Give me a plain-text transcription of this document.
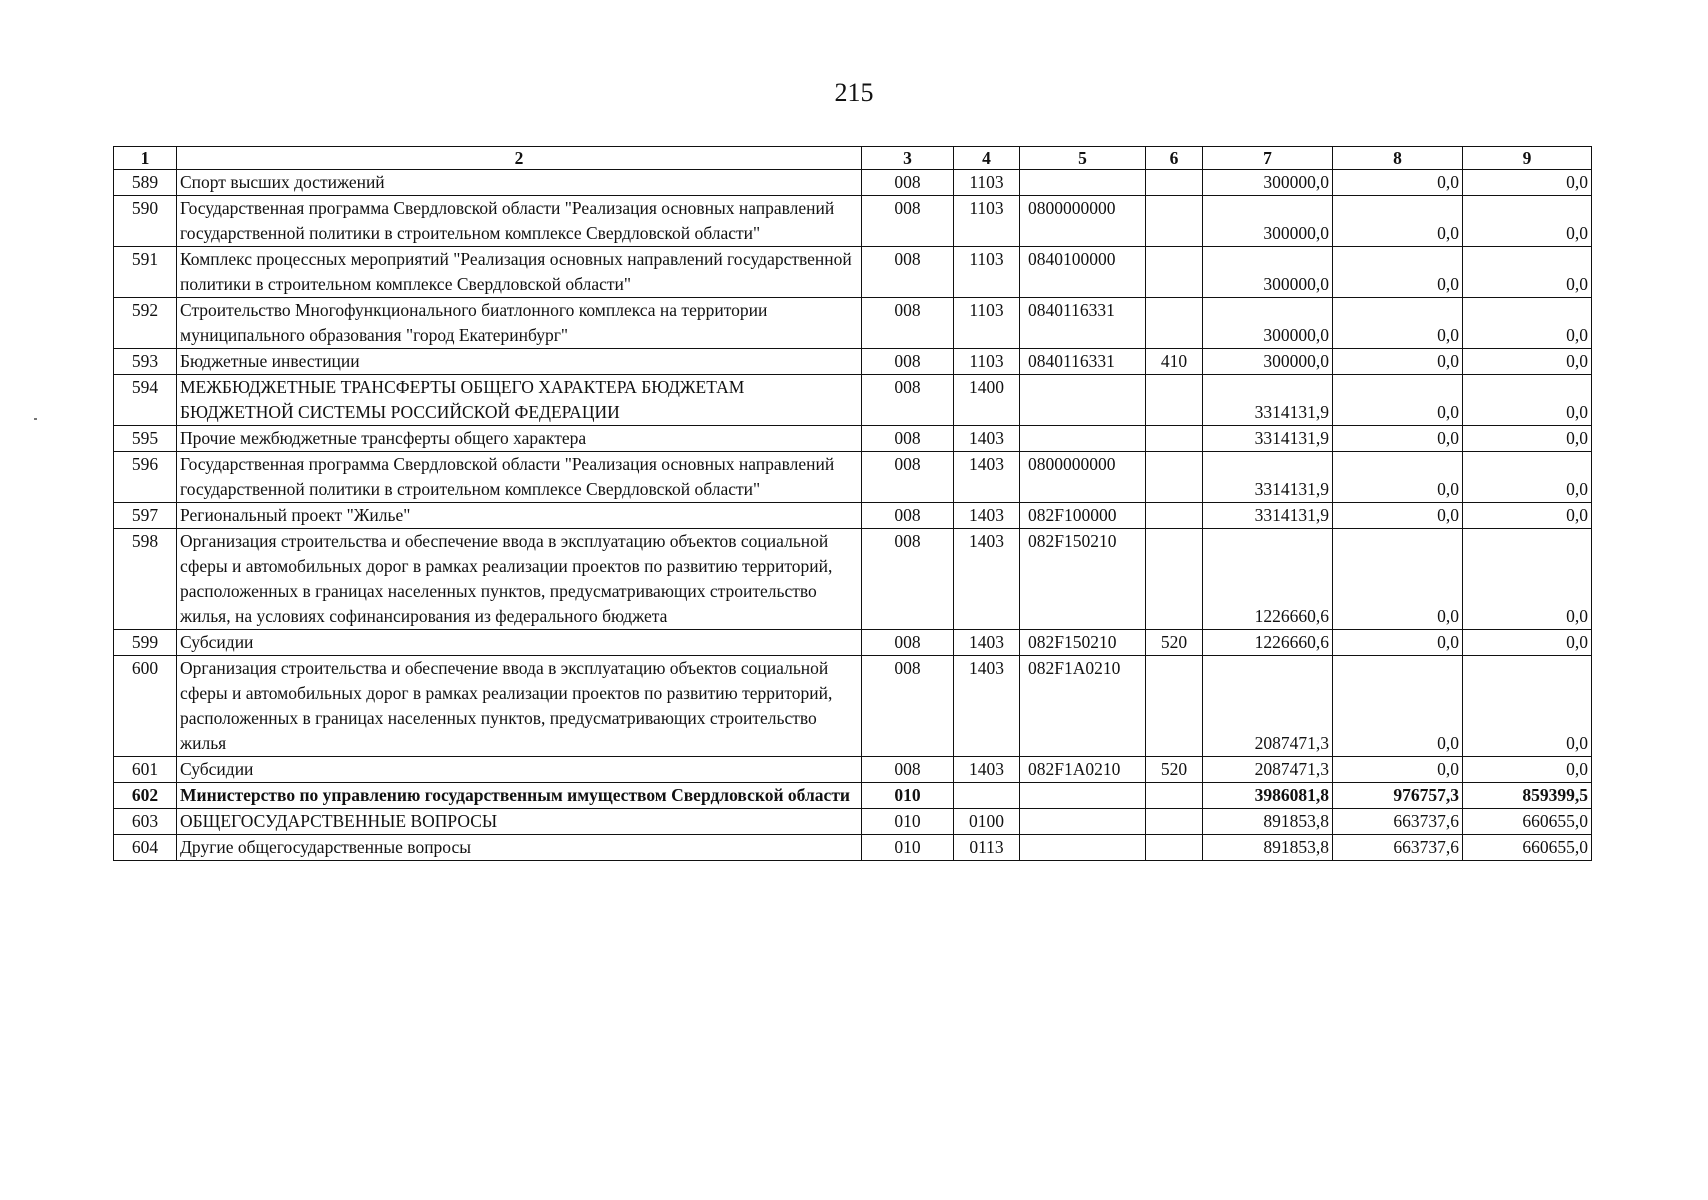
215
1	2	3	4	5	6	7	8	9
589	Спорт высших достижений	008	1103			300000,0	0,0	0,0
590	Государственная программа Свердловской области "Реализация основных направлений государственной политики в строительном комплексе Свердловской области"	008	1103	0800000000		300000,0	0,0	0,0
591	Комплекс процессных мероприятий "Реализация основных направлений государственной политики в строительном комплексе Свердловской области"	008	1103	0840100000		300000,0	0,0	0,0
592	Строительство Многофункционального биатлонного комплекса на территории муниципального образования "город Екатеринбург"	008	1103	0840116331		300000,0	0,0	0,0
593	Бюджетные инвестиции	008	1103	0840116331	410	300000,0	0,0	0,0
594	МЕЖБЮДЖЕТНЫЕ ТРАНСФЕРТЫ ОБЩЕГО ХАРАКТЕРА БЮДЖЕТАМ БЮДЖЕТНОЙ СИСТЕМЫ РОССИЙСКОЙ ФЕДЕРАЦИИ	008	1400			3314131,9	0,0	0,0
595	Прочие межбюджетные трансферты общего характера	008	1403			3314131,9	0,0	0,0
596	Государственная программа Свердловской области "Реализация основных направлений государственной политики в строительном комплексе Свердловской области"	008	1403	0800000000		3314131,9	0,0	0,0
597	Региональный проект "Жилье"	008	1403	082F100000		3314131,9	0,0	0,0
598	Организация строительства и обеспечение ввода в эксплуатацию объектов социальной сферы и автомобильных дорог в рамках реализации проектов по развитию территорий, расположенных в границах населенных пунктов, предусматривающих строительство жилья, на условиях софинансирования из федерального бюджета	008	1403	082F150210		1226660,6	0,0	0,0
599	Субсидии	008	1403	082F150210	520	1226660,6	0,0	0,0
600	Организация строительства и обеспечение ввода в эксплуатацию объектов социальной сферы и автомобильных дорог в рамках реализации проектов по развитию территорий, расположенных в границах населенных пунктов, предусматривающих строительство жилья	008	1403	082F1A0210		2087471,3	0,0	0,0
601	Субсидии	008	1403	082F1A0210	520	2087471,3	0,0	0,0
602	Министерство по управлению государственным имуществом Свердловской области	010				3986081,8	976757,3	859399,5
603	ОБЩЕГОСУДАРСТВЕННЫЕ ВОПРОСЫ	010	0100			891853,8	663737,6	660655,0
604	Другие общегосударственные вопросы	010	0113			891853,8	663737,6	660655,0
